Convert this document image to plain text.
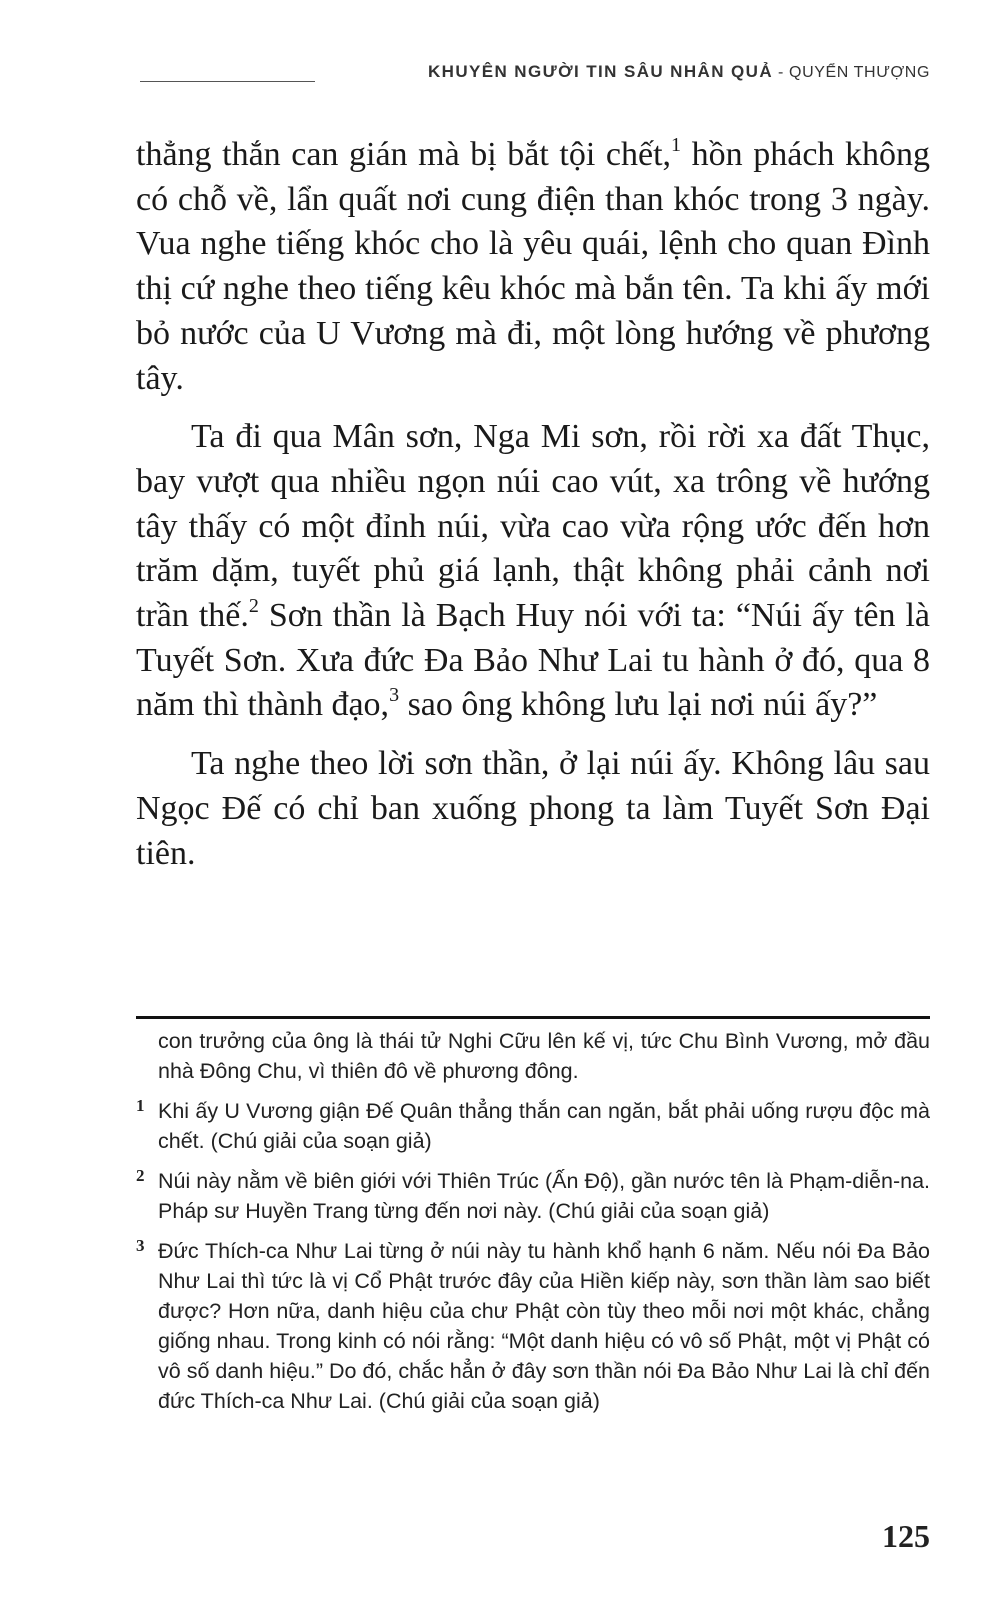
KHUYÊN NGƯỜI TIN SÂU NHÂN QUẢ - QUYỂN THƯỢNG

thẳng thắn can gián mà bị bắt tội chết,$^1$ hồn phách không có chỗ về, lẩn quất nơi cung điện than khóc trong 3 ngày. Vua nghe tiếng khóc cho là yêu quái, lệnh cho quan Đình thị cứ nghe theo tiếng kêu khóc mà bắn tên. Ta khi ấy mới bỏ nước của U Vương mà đi, một lòng hướng về phương tây.

Ta đi qua Mân sơn, Nga Mi sơn, rồi rời xa đất Thục, bay vượt qua nhiều ngọn núi cao vút, xa trông về hướng tây thấy có một đỉnh núi, vừa cao vừa rộng ước đến hơn trăm dặm, tuyết phủ giá lạnh, thật không phải cảnh nơi trần thế.$^2$ Sơn thần là Bạch Huy nói với ta: “Núi ấy tên là Tuyết Sơn. Xưa đức Đa Bảo Như Lai tu hành ở đó, qua 8 năm thì thành đạo,$^3$ sao ông không lưu lại nơi núi ấy?”

Ta nghe theo lời sơn thần, ở lại núi ấy. Không lâu sau Ngọc Đế có chỉ ban xuống phong ta làm Tuyết Sơn Đại tiên.

con trưởng của ông là thái tử Nghi Cữu lên kế vị, tức Chu Bình Vương, mở đầu nhà Đông Chu, vì thiên đô về phương đông.
1 Khi ấy U Vương giận Đế Quân thẳng thắn can ngăn, bắt phải uống rượu độc mà chết. (Chú giải của soạn giả)
2 Núi này nằm về biên giới với Thiên Trúc (Ấn Độ), gần nước tên là Phạm-diễn-na. Pháp sư Huyền Trang từng đến nơi này. (Chú giải của soạn giả)
3 Đức Thích-ca Như Lai từng ở núi này tu hành khổ hạnh 6 năm. Nếu nói Đa Bảo Như Lai thì tức là vị Cổ Phật trước đây của Hiền kiếp này, sơn thần làm sao biết được? Hơn nữa, danh hiệu của chư Phật còn tùy theo mỗi nơi một khác, chẳng giống nhau. Trong kinh có nói rằng: “Một danh hiệu có vô số Phật, một vị Phật có vô số danh hiệu.” Do đó, chắc hẳn ở đây sơn thần nói Đa Bảo Như Lai là chỉ đến đức Thích-ca Như Lai. (Chú giải của soạn giả)
125
